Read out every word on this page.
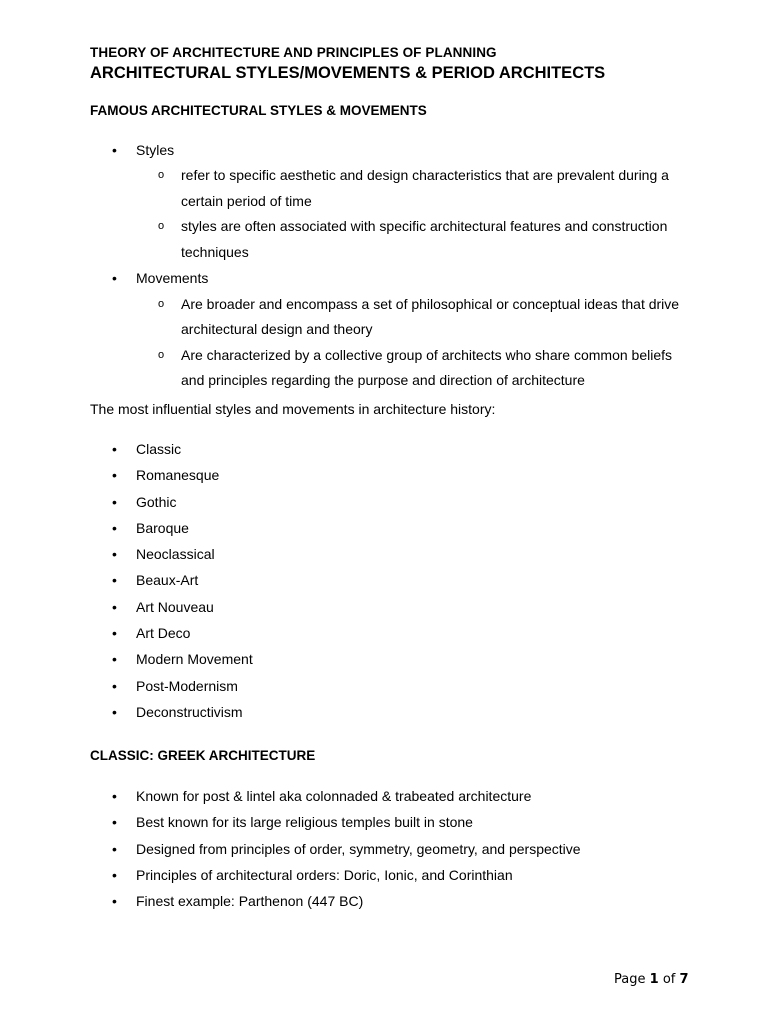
THEORY OF ARCHITECTURE AND PRINCIPLES OF PLANNING
ARCHITECTURAL STYLES/MOVEMENTS & PERIOD ARCHITECTS
FAMOUS ARCHITECTURAL STYLES & MOVEMENTS
• Styles
o refer to specific aesthetic and design characteristics that are prevalent during a certain period of time
o styles are often associated with specific architectural features and construction techniques
• Movements
o Are broader and encompass a set of philosophical or conceptual ideas that drive architectural design and theory
o Are characterized by a collective group of architects who share common beliefs and principles regarding the purpose and direction of architecture
The most influential styles and movements in architecture history:
• Classic
• Romanesque
• Gothic
• Baroque
• Neoclassical
• Beaux-Art
• Art Nouveau
• Art Deco
• Modern Movement
• Post-Modernism
• Deconstructivism
CLASSIC: GREEK ARCHITECTURE
• Known for post & lintel aka colonnaded & trabeated architecture
• Best known for its large religious temples built in stone
• Designed from principles of order, symmetry, geometry, and perspective
• Principles of architectural orders: Doric, Ionic, and Corinthian
• Finest example: Parthenon (447 BC)
Page 1 of 7
